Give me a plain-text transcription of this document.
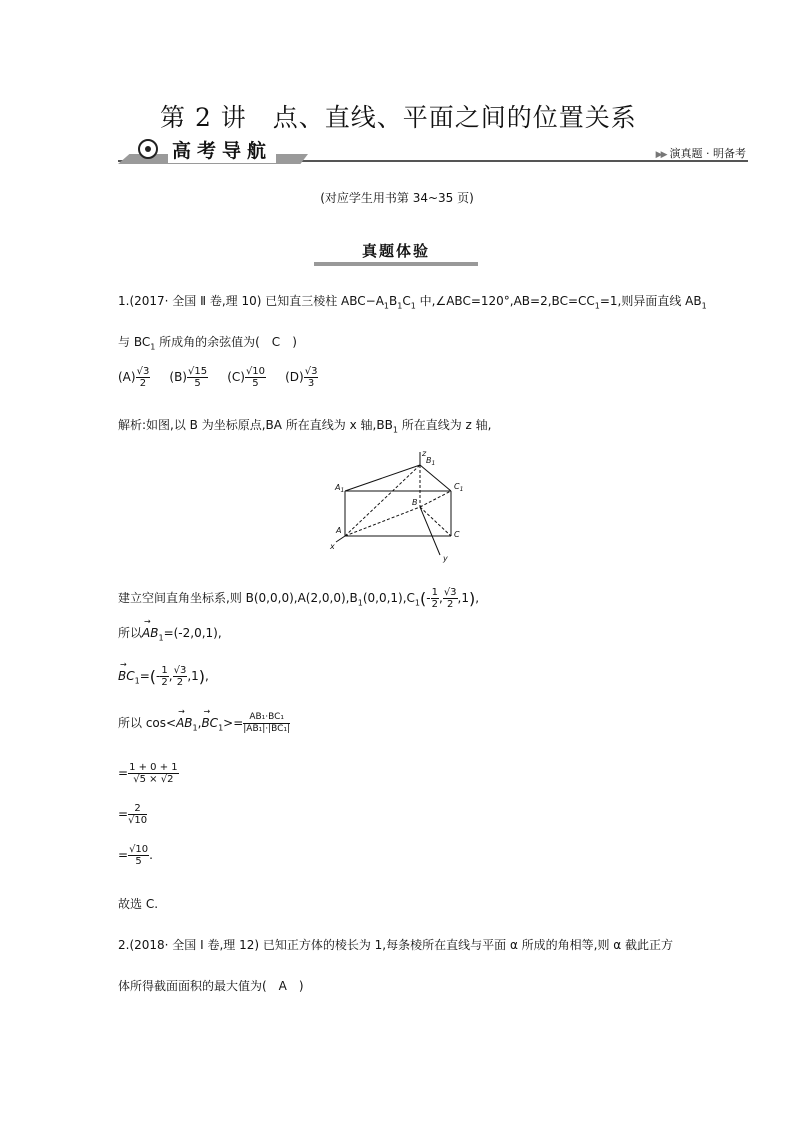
第 2 讲　点、直线、平面之间的位置关系
高考导航	▶▶ 演真题 · 明备考
(对应学生用书第 34~35 页)
真题体验
1.(2017· 全国 Ⅱ 卷,理 10) 已知直三棱柱 $ABC-A_1B_1C_1$ 中$,\angle ABC=120^\circ,AB=2,BC=CC_1=1$,则异面直线 $AB_1$
与 $BC_1$ 所成角的余弦值为(　C　)
$(A) \frac{√3}{2} (B) \frac{√15}{5} (C) \frac{√10}{5} (D) \frac{√3}{3}$
解析:如图,以 B 为坐标原点,BA 所在直线为 x 轴$,BB_1$ 所在直线为 z 轴,
$A_1$
$B_1$
$C_1$
A
B
C
x
y
z
建立空间直角坐标系,则 $B(0,0,0),A(2,0,0),B_1(0,0,1),C_1(- \frac{1}{2}$ , $\frac{√3}{2} ,1$),
所以→ $AB_1=(-2,0,1)$,
→ $BC_1=(- \frac{1}{2}$ , $\frac{√3}{2} ,1$),
所以 $\cos<\to AB_1,\to BC_1>= \frac{\text{AB₁·BC₁}}{\text{|AB₁|·|BC₁|}}$
= $\frac{1 + 0 + 1}{√5 \times √2}$
= $\frac{2}{√10}$
= $\frac{√10}{5}$ .
故选 C.
2.(2018· 全国 Ⅰ 卷,理 12) 已知正方体的棱长为 1,每条棱所在直线与平面 α 所成的角相等,则 α 截此正方
体所得截面面积的最大值为(　A　)
